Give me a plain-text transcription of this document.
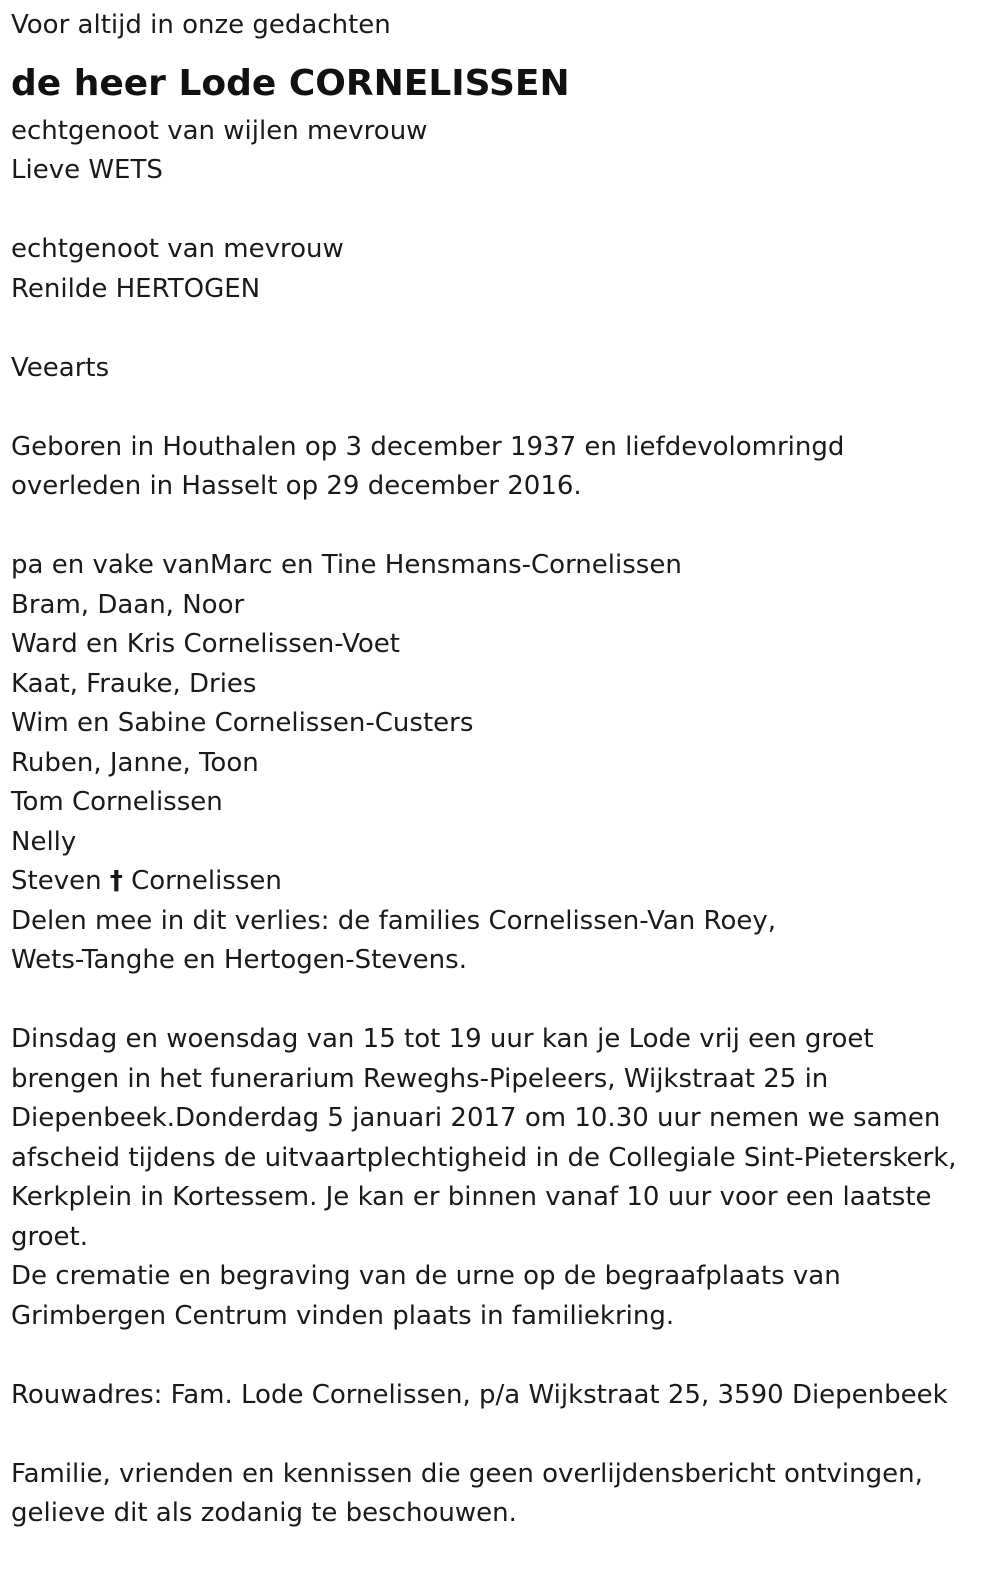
Voor altijd in onze gedachten

de heer Lode CORNELISSEN

echtgenoot van wijlen mevrouw

Lieve WETS

echtgenoot van mevrouw

Renilde HERTOGEN

Veearts

Geboren in Houthalen op 3 december 1937 en liefdevolomringd

overleden in Hasselt op 29 december 2016.

pa en vake vanMarc en Tine Hensmans-Cornelissen

Bram, Daan, Noor

Ward en Kris Cornelissen-Voet

Kaat, Frauke, Dries

Wim en Sabine Cornelissen-Custers

Ruben, Janne, Toon

Tom Cornelissen

Nelly

Steven † Cornelissen

Delen mee in dit verlies: de families Cornelissen-Van Roey,

Wets-Tanghe en Hertogen-Stevens.

Dinsdag en woensdag van 15 tot 19 uur kan je Lode vrij een groet brengen in het funerarium Reweghs-Pipeleers, Wijkstraat 25 in Diepenbeek.Donderdag 5 januari 2017 om 10.30 uur nemen we samen afscheid tijdens de uitvaartplechtigheid in de Collegiale Sint-Pieterskerk, Kerkplein in Kortessem. Je kan er binnen vanaf 10 uur voor een laatste groet.

De crematie en begraving van de urne op de begraafplaats van Grimbergen Centrum vinden plaats in familiekring.

Rouwadres: Fam. Lode Cornelissen, p/a Wijkstraat 25, 3590 Diepenbeek

Familie, vrienden en kennissen die geen overlijdensbericht ontvingen, gelieve dit als zodanig te beschouwen.
